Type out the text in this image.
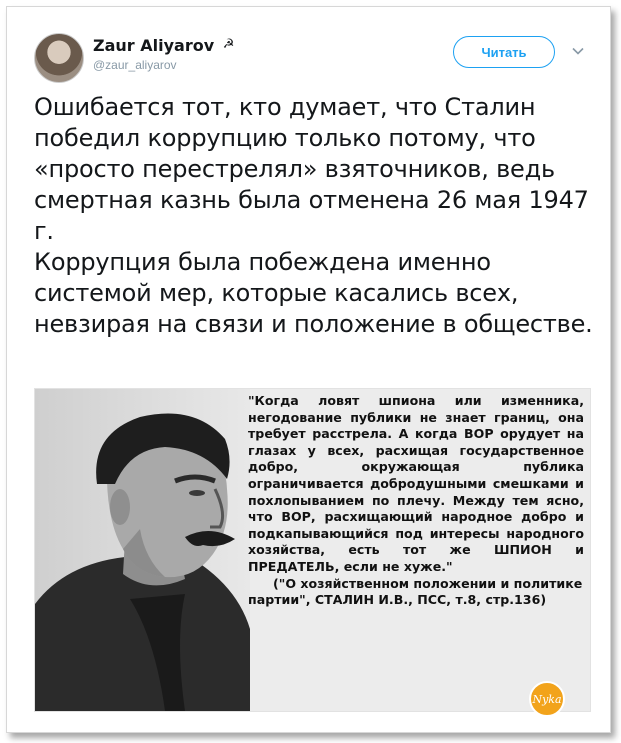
Zaur Aliyarov ☭
@zaur_aliyarov
Читать

Ошибается тот, кто думает, что Сталин победил коррупцию только потому, что «просто перестрелял» взяточников, ведь смертная казнь была отменена 26 мая 1947 г.

Коррупция была побеждена именно системой мер, которые касались всех, невзирая на связи и положение в обществе.

"Когда ловят шпиона или изменника, негодование публики не знает границ, она требует расстрела. А когда ВОР орудует на глазах у всех, расхищая государственное добро, окружающая публика ограничивается добродушными смешками и похлопыванием по плечу. Между тем ясно, что ВОР, расхищающий народное добро и подкапывающийся под интересы народного хозяйства, есть тот же ШПИОН и ПРЕДАТЕЛЬ, если не хуже."

("О хозяйственном положении и политике партии", СТАЛИН И.В., ПСС, т.8, стр.136)

Nyka
